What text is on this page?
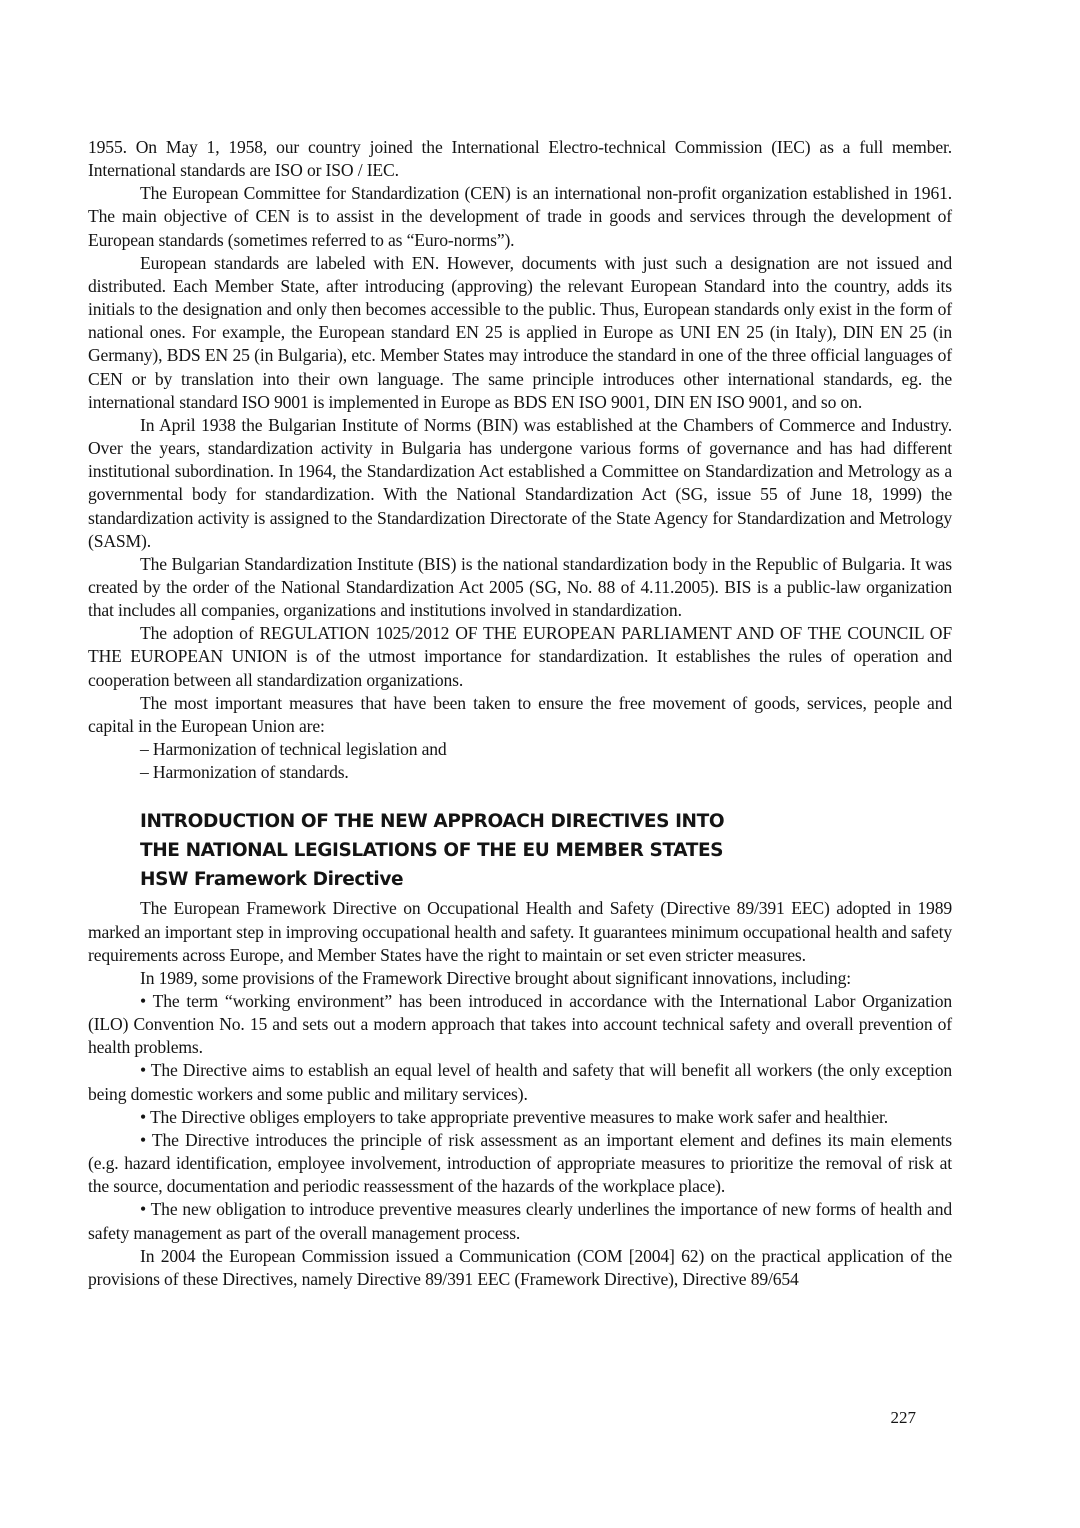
1955. On May 1, 1958, our country joined the International Electro-technical Commission (IEC) as a full member. International standards are ISO or ISO / IEC.

The European Committee for Standardization (CEN) is an international non-profit organization established in 1961. The main objective of CEN is to assist in the development of trade in goods and services through the development of European standards (sometimes referred to as “Euro-norms”).

European standards are labeled with EN. However, documents with just such a designation are not issued and distributed. Each Member State, after introducing (approving) the relevant European Standard into the country, adds its initials to the designation and only then becomes accessible to the public. Thus, European standards only exist in the form of national ones. For example, the European standard EN 25 is applied in Europe as UNI EN 25 (in Italy), DIN EN 25 (in Germany), BDS EN 25 (in Bulgaria), etc. Member States may introduce the standard in one of the three official languages of CEN or by translation into their own language. The same principle introduces other international standards, eg. the international standard ISO 9001 is implemented in Europe as BDS EN ISO 9001, DIN EN ISO 9001, and so on.

In April 1938 the Bulgarian Institute of Norms (BIN) was established at the Chambers of Commerce and Industry. Over the years, standardization activity in Bulgaria has undergone various forms of governance and has had different institutional subordination. In 1964, the Standardization Act established a Committee on Standardization and Metrology as a governmental body for standardization. With the National Standardization Act (SG, issue 55 of June 18, 1999) the standardization activity is assigned to the Standardization Directorate of the State Agency for Standardization and Metrology (SASM).

The Bulgarian Standardization Institute (BIS) is the national standardization body in the Republic of Bulgaria. It was created by the order of the National Standardization Act 2005 (SG, No. 88 of 4.11.2005). BIS is a public-law organization that includes all companies, organizations and institutions involved in standardization.

The adoption of REGULATION 1025/2012 OF THE EUROPEAN PARLIAMENT AND OF THE COUNCIL OF THE EUROPEAN UNION is of the utmost importance for standardization. It establishes the rules of operation and cooperation between all standardization organizations.

The most important measures that have been taken to ensure the free movement of goods, services, people and capital in the European Union are:

– Harmonization of technical legislation and

– Harmonization of standards.

INTRODUCTION OF THE NEW APPROACH DIRECTIVES INTO

THE NATIONAL LEGISLATIONS OF THE EU MEMBER STATES

HSW Framework Directive

The European Framework Directive on Occupational Health and Safety (Directive 89/391 EEC) adopted in 1989 marked an important step in improving occupational health and safety. It guarantees minimum occupational health and safety requirements across Europe, and Member States have the right to maintain or set even stricter measures.

In 1989, some provisions of the Framework Directive brought about significant innovations, including:

• The term “working environment” has been introduced in accordance with the International Labor Organization (ILO) Convention No. 15 and sets out a modern approach that takes into account technical safety and overall prevention of health problems.

• The Directive aims to establish an equal level of health and safety that will benefit all workers (the only exception being domestic workers and some public and military services).

• The Directive obliges employers to take appropriate preventive measures to make work safer and healthier.

• The Directive introduces the principle of risk assessment as an important element and defines its main elements (e.g. hazard identification, employee involvement, introduction of appropriate measures to prioritize the removal of risk at the source, documentation and periodic reassessment of the hazards of the workplace place).

• The new obligation to introduce preventive measures clearly underlines the importance of new forms of health and safety management as part of the overall management process.

In 2004 the European Commission issued a Communication (COM [2004] 62) on the practical application of the provisions of these Directives, namely Directive 89/391 EEC (Framework Directive), Directive 89/654

227
